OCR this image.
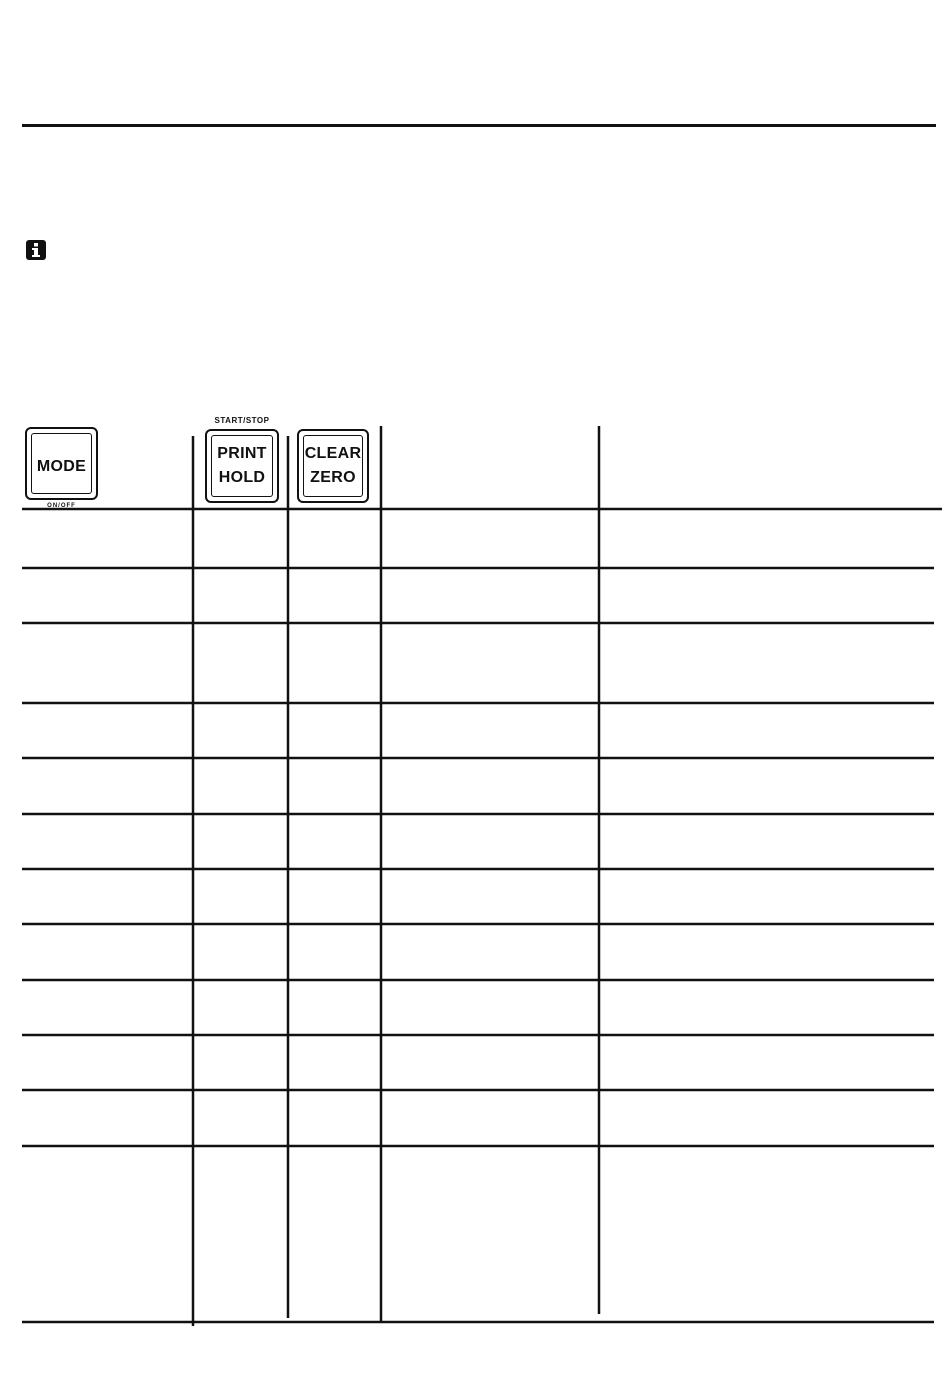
MODE
ON/OFF
START/STOP
PRINT
HOLD
CLEAR
ZERO
